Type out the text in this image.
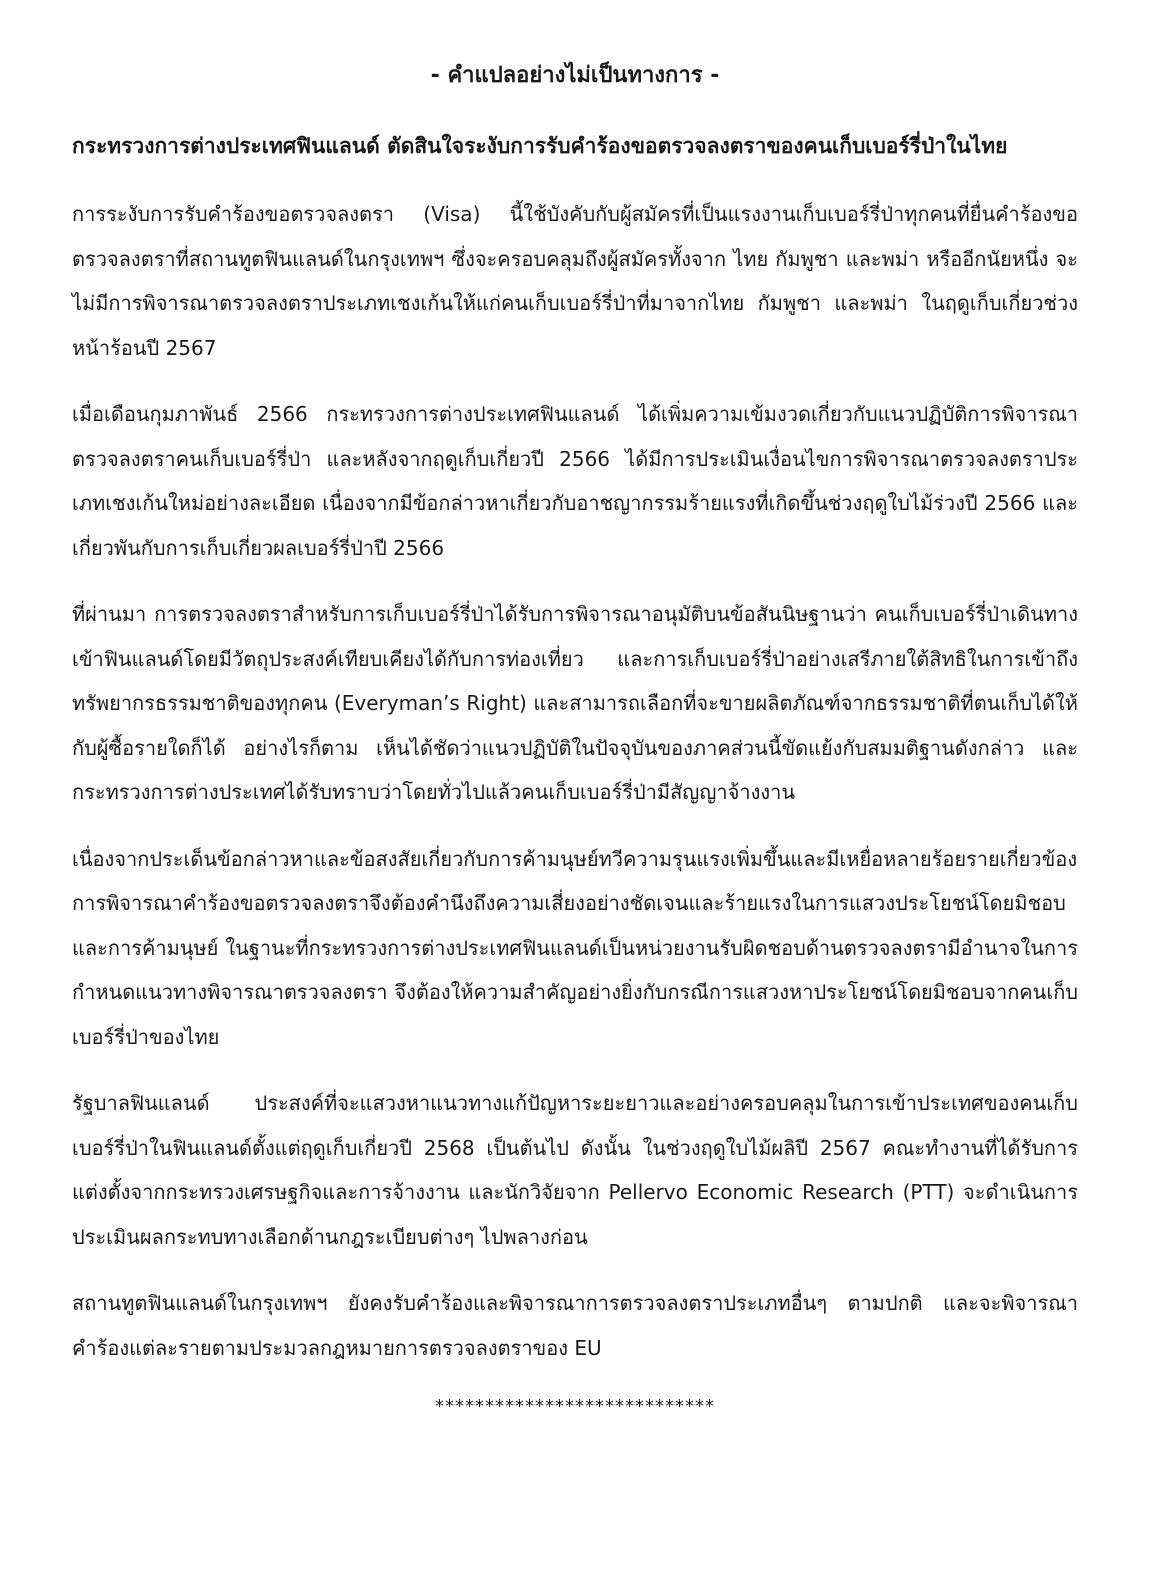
- คำแปลอย่างไม่เป็นทางการ -
กระทรวงการต่างประเทศฟินแลนด์ ตัดสินใจระงับการรับคำร้องขอตรวจลงตราของคนเก็บเบอร์รี่ป่าในไทย

การระงับการรับคำร้องขอตรวจลงตรา (Visa) นี้ใช้บังคับกับผู้สมัครที่เป็นแรงงานเก็บเบอร์รี่ป่าทุกคนที่ยื่นคำร้องขอตรวจลงตราที่สถานทูตฟินแลนด์ในกรุงเทพฯ ซึ่งจะครอบคลุมถึงผู้สมัครทั้งจาก ไทย กัมพูชา และพม่า หรืออีกนัยหนึ่ง จะไม่มีการพิจารณาตรวจลงตราประเภทเชงเก้นให้แก่คนเก็บเบอร์รี่ป่าที่มาจากไทย กัมพูชา และพม่า ในฤดูเก็บเกี่ยวช่วงหน้าร้อนปี 2567

เมื่อเดือนกุมภาพันธ์ 2566 กระทรวงการต่างประเทศฟินแลนด์ ได้เพิ่มความเข้มงวดเกี่ยวกับแนวปฏิบัติการพิจารณาตรวจลงตราคนเก็บเบอร์รี่ป่า และหลังจากฤดูเก็บเกี่ยวปี 2566 ได้มีการประเมินเงื่อนไขการพิจารณาตรวจลงตราประเภทเชงเก้นใหม่อย่างละเอียด เนื่องจากมีข้อกล่าวหาเกี่ยวกับอาชญากรรมร้ายแรงที่เกิดขึ้นช่วงฤดูใบไม้ร่วงปี 2566 และเกี่ยวพันกับการเก็บเกี่ยวผลเบอร์รี่ป่าปี 2566

ที่ผ่านมา การตรวจลงตราสำหรับการเก็บเบอร์รี่ป่าได้รับการพิจารณาอนุมัติบนข้อสันนิษฐานว่า คนเก็บเบอร์รี่ป่าเดินทางเข้าฟินแลนด์โดยมีวัตถุประสงค์เทียบเคียงได้กับการท่องเที่ยว และการเก็บเบอร์รี่ป่าอย่างเสรีภายใต้สิทธิในการเข้าถึงทรัพยากรธรรมชาติของทุกคน (Everyman’s Right) และสามารถเลือกที่จะขายผลิตภัณฑ์จากธรรมชาติที่ตนเก็บได้ให้กับผู้ซื้อรายใดก็ได้ อย่างไรก็ตาม เห็นได้ชัดว่าแนวปฏิบัติในปัจจุบันของภาคส่วนนี้ขัดแย้งกับสมมติฐานดังกล่าว และกระทรวงการต่างประเทศได้รับทราบว่าโดยทั่วไปแล้วคนเก็บเบอร์รี่ป่ามีสัญญาจ้างงาน

เนื่องจากประเด็นข้อกล่าวหาและข้อสงสัยเกี่ยวกับการค้ามนุษย์ทวีความรุนแรงเพิ่มขึ้นและมีเหยื่อหลายร้อยรายเกี่ยวข้อง การพิจารณาคำร้องขอตรวจลงตราจึงต้องคำนึงถึงความเสี่ยงอย่างชัดเจนและร้ายแรงในการแสวงประโยชน์โดยมิชอบและการค้ามนุษย์ ในฐานะที่กระทรวงการต่างประเทศฟินแลนด์เป็นหน่วยงานรับผิดชอบด้านตรวจลงตรามีอำนาจในการกำหนดแนวทางพิจารณาตรวจลงตรา จึงต้องให้ความสำคัญอย่างยิ่งกับกรณีการแสวงหาประโยชน์โดยมิชอบจากคนเก็บเบอร์รี่ป่าของไทย

รัฐบาลฟินแลนด์ ประสงค์ที่จะแสวงหาแนวทางแก้ปัญหาระยะยาวและอย่างครอบคลุมในการเข้าประเทศของคนเก็บเบอร์รี่ป่าในฟินแลนด์ตั้งแต่ฤดูเก็บเกี่ยวปี 2568 เป็นต้นไป ดังนั้น ในช่วงฤดูใบไม้ผลิปี 2567 คณะทำงานที่ได้รับการแต่งตั้งจากกระทรวงเศรษฐกิจและการจ้างงาน และนักวิจัยจาก Pellervo Economic Research (PTT) จะดำเนินการประเมินผลกระทบทางเลือกด้านกฎระเบียบต่างๆ ไปพลางก่อน

สถานทูตฟินแลนด์ในกรุงเทพฯ ยังคงรับคำร้องและพิจารณาการตรวจลงตราประเภทอื่นๆ ตามปกติ และจะพิจารณาคำร้องแต่ละรายตามประมวลกฎหมายการตรวจลงตราของ EU

****************************
